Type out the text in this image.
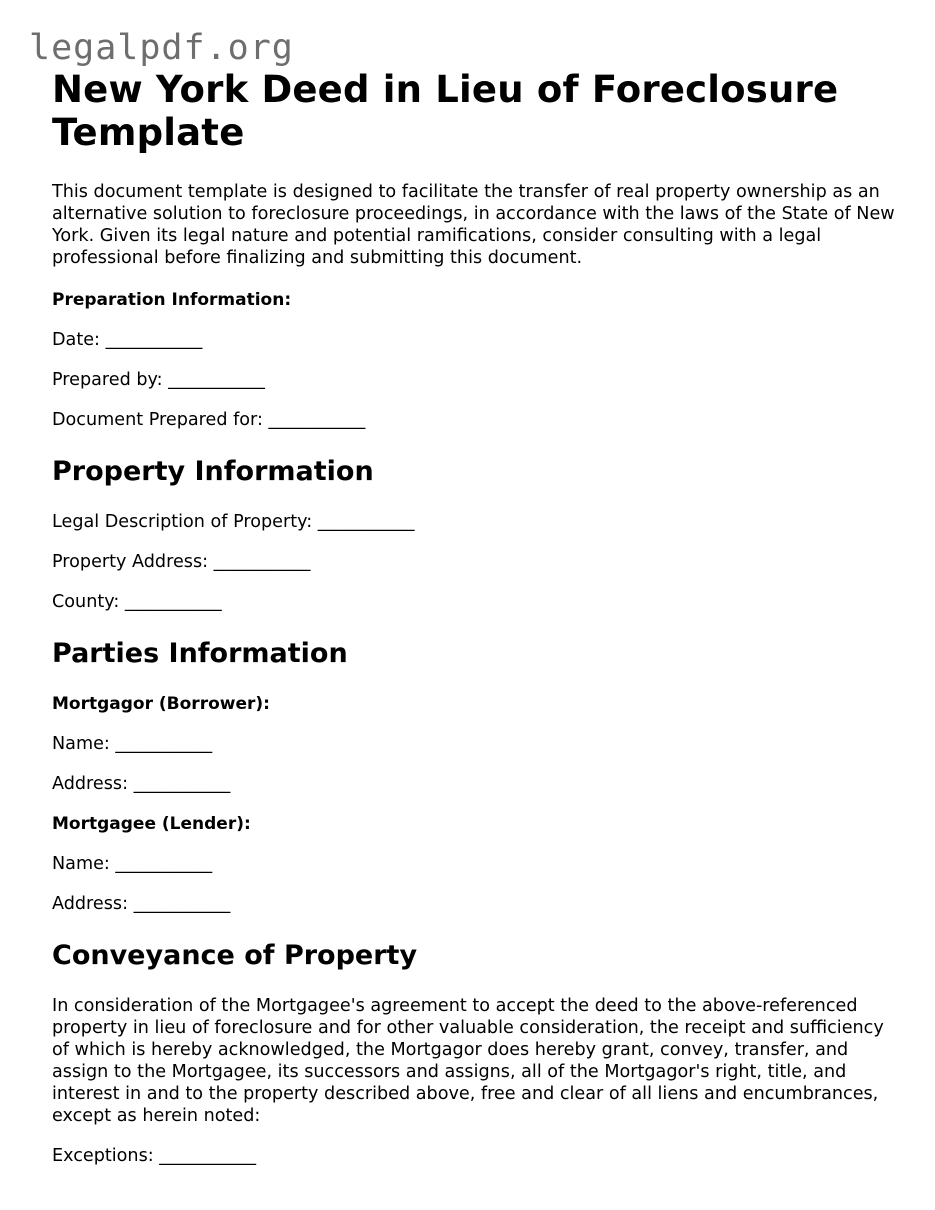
legalpdf.org
New York Deed in Lieu of Foreclosure Template

This document template is designed to facilitate the transfer of real property ownership as an alternative solution to foreclosure proceedings, in accordance with the laws of the State of New York. Given its legal nature and potential ramifications, consider consulting with a legal professional before finalizing and submitting this document.

Preparation Information:

Date: ___________

Prepared by: ___________

Document Prepared for: ___________

Property Information

Legal Description of Property: ___________

Property Address: ___________

County: ___________

Parties Information

Mortgagor (Borrower):

Name: ___________

Address: ___________

Mortgagee (Lender):

Name: ___________

Address: ___________

Conveyance of Property

In consideration of the Mortgagee's agreement to accept the deed to the above-referenced property in lieu of foreclosure and for other valuable consideration, the receipt and sufficiency of which is hereby acknowledged, the Mortgagor does hereby grant, convey, transfer, and assign to the Mortgagee, its successors and assigns, all of the Mortgagor's right, title, and interest in and to the property described above, free and clear of all liens and encumbrances, except as herein noted:

Exceptions: ___________
